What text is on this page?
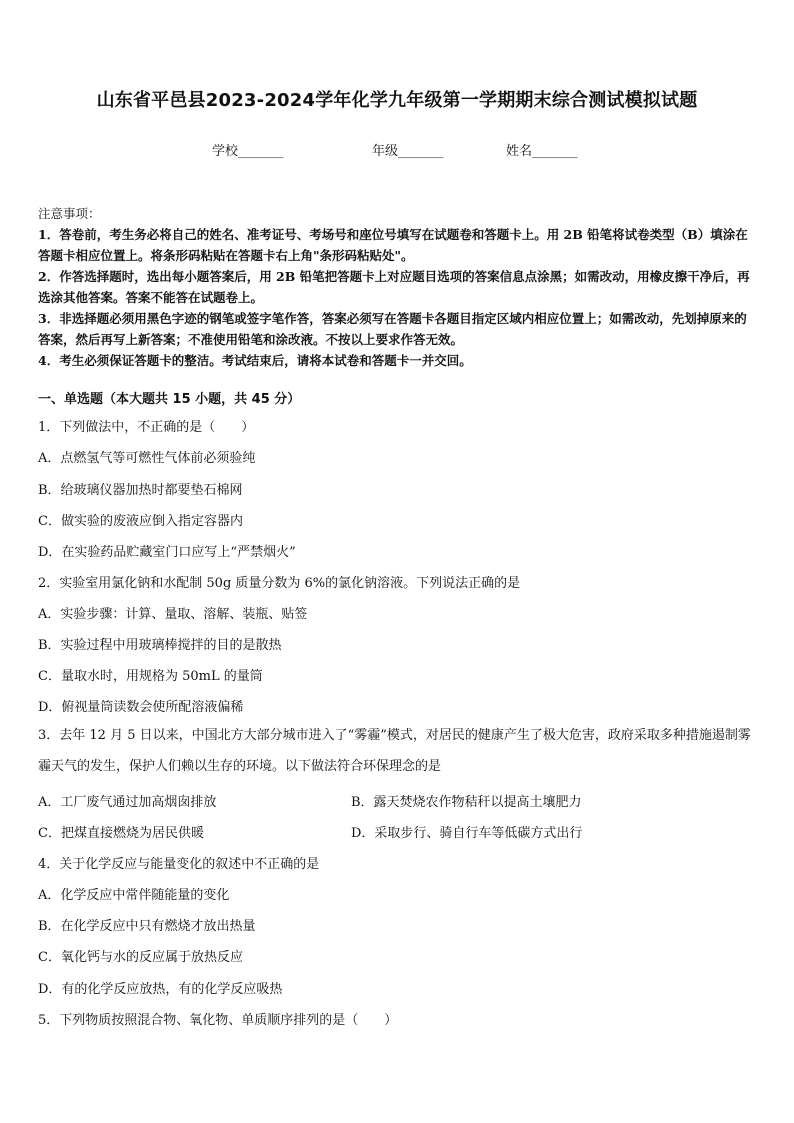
山东省平邑县2023-2024学年化学九年级第一学期期末综合测试模拟试题
学校_______	年级_______	姓名_______

注意事项：

1．答卷前，考生务必将自己的姓名、准考证号、考场号和座位号填写在试题卷和答题卡上。用 2B 铅笔将试卷类型（B）填涂在答题卡相应位置上。将条形码粘贴在答题卡右上角"条形码粘贴处"。

2．作答选择题时，选出每小题答案后，用 2B 铅笔把答题卡上对应题目选项的答案信息点涂黑；如需改动，用橡皮擦干净后，再选涂其他答案。答案不能答在试题卷上。

3．非选择题必须用黑色字迹的钢笔或签字笔作答，答案必须写在答题卡各题目指定区域内相应位置上；如需改动，先划掉原来的答案，然后再写上新答案；不准使用铅笔和涂改液。不按以上要求作答无效。

4．考生必须保证答题卡的整洁。考试结束后，请将本试卷和答题卡一并交回。

一、单选题（本大题共 15 小题，共 45 分）
1．下列做法中，不正确的是（　　）
A．点燃氢气等可燃性气体前必须验纯
B．给玻璃仪器加热时都要垫石棉网
C．做实验的废液应倒入指定容器内
D．在实验药品贮藏室门口应写上“严禁烟火”
2．实验室用氯化钠和水配制 50g 质量分数为 6%的氯化钠溶液。下列说法正确的是
A．实验步骤：计算、量取、溶解、装瓶、贴签
B．实验过程中用玻璃棒搅拌的目的是散热
C．量取水时，用规格为 50mL 的量筒
D．俯视量筒读数会使所配溶液偏稀
3．去年 12 月 5 日以来，中国北方大部分城市进入了“雾霾”模式，对居民的健康产生了极大危害，政府采取多种措施遏制雾霾天气的发生，保护人们赖以生存的环境。以下做法符合环保理念的是
A．工厂废气通过加高烟囱排放	B．露天焚烧农作物秸秆以提高土壤肥力
C．把煤直接燃烧为居民供暖	D．采取步行、骑自行车等低碳方式出行
4．关于化学反应与能量变化的叙述中不正确的是
A．化学反应中常伴随能量的变化
B．在化学反应中只有燃烧才放出热量
C．氧化钙与水的反应属于放热反应
D．有的化学反应放热，有的化学反应吸热
5．下列物质按照混合物、氧化物、单质顺序排列的是（　　）
